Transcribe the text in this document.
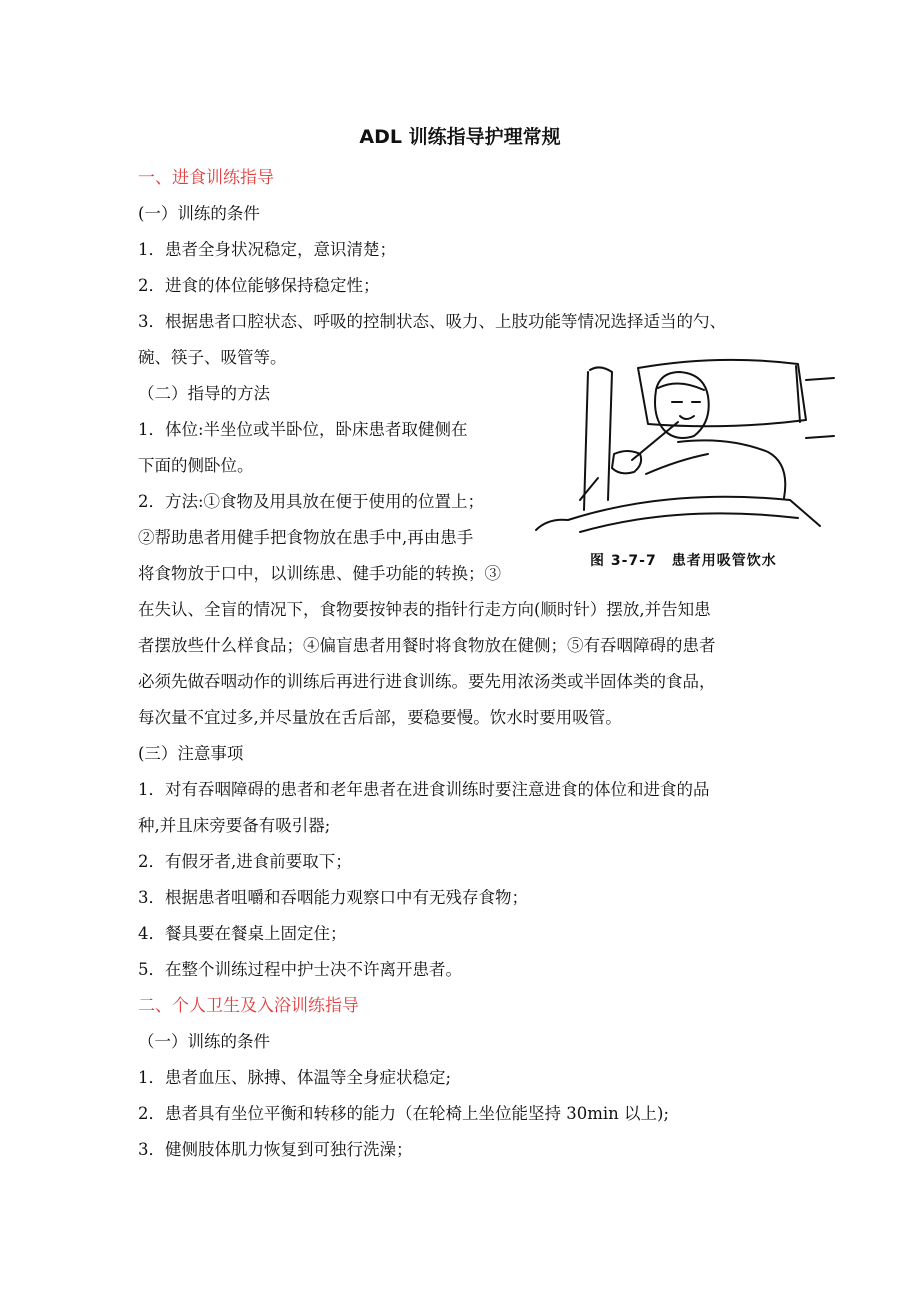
ADL 训练指导护理常规
一、进食训练指导
(一）训练的条件
1．患者全身状况稳定，意识清楚；
2．进食的体位能够保持稳定性；
3．根据患者口腔状态、呼吸的控制状态、吸力、上肢功能等情况选择适当的勺、
碗、筷子、吸管等。
（二）指导的方法
1．体位:半坐位或半卧位，卧床患者取健侧在
下面的侧卧位。
2．方法:①食物及用具放在便于使用的位置上；
②帮助患者用健手把食物放在患手中,再由患手
将食物放于口中，以训练患、健手功能的转换；③
在失认、全盲的情况下，食物要按钟表的指针行走方向(顺时针）摆放,并告知患
者摆放些什么样食品；④偏盲患者用餐时将食物放在健侧；⑤有吞咽障碍的患者
必须先做吞咽动作的训练后再进行进食训练。要先用浓汤类或半固体类的食品，
每次量不宜过多,并尽量放在舌后部，要稳要慢。饮水时要用吸管。
(三）注意事项
1．对有吞咽障碍的患者和老年患者在进食训练时要注意进食的体位和进食的品
种,并且床旁要备有吸引器;
2．有假牙者,进食前要取下；
3．根据患者咀嚼和吞咽能力观察口中有无残存食物；
4．餐具要在餐桌上固定住；
5．在整个训练过程中护士决不许离开患者。
二、个人卫生及入浴训练指导
（一）训练的条件
1．患者血压、脉搏、体温等全身症状稳定;
2．患者具有坐位平衡和转移的能力（在轮椅上坐位能坚持 30min 以上);
3．健侧肢体肌力恢复到可独行洗澡；
图 3-7-7　患者用吸管饮水
